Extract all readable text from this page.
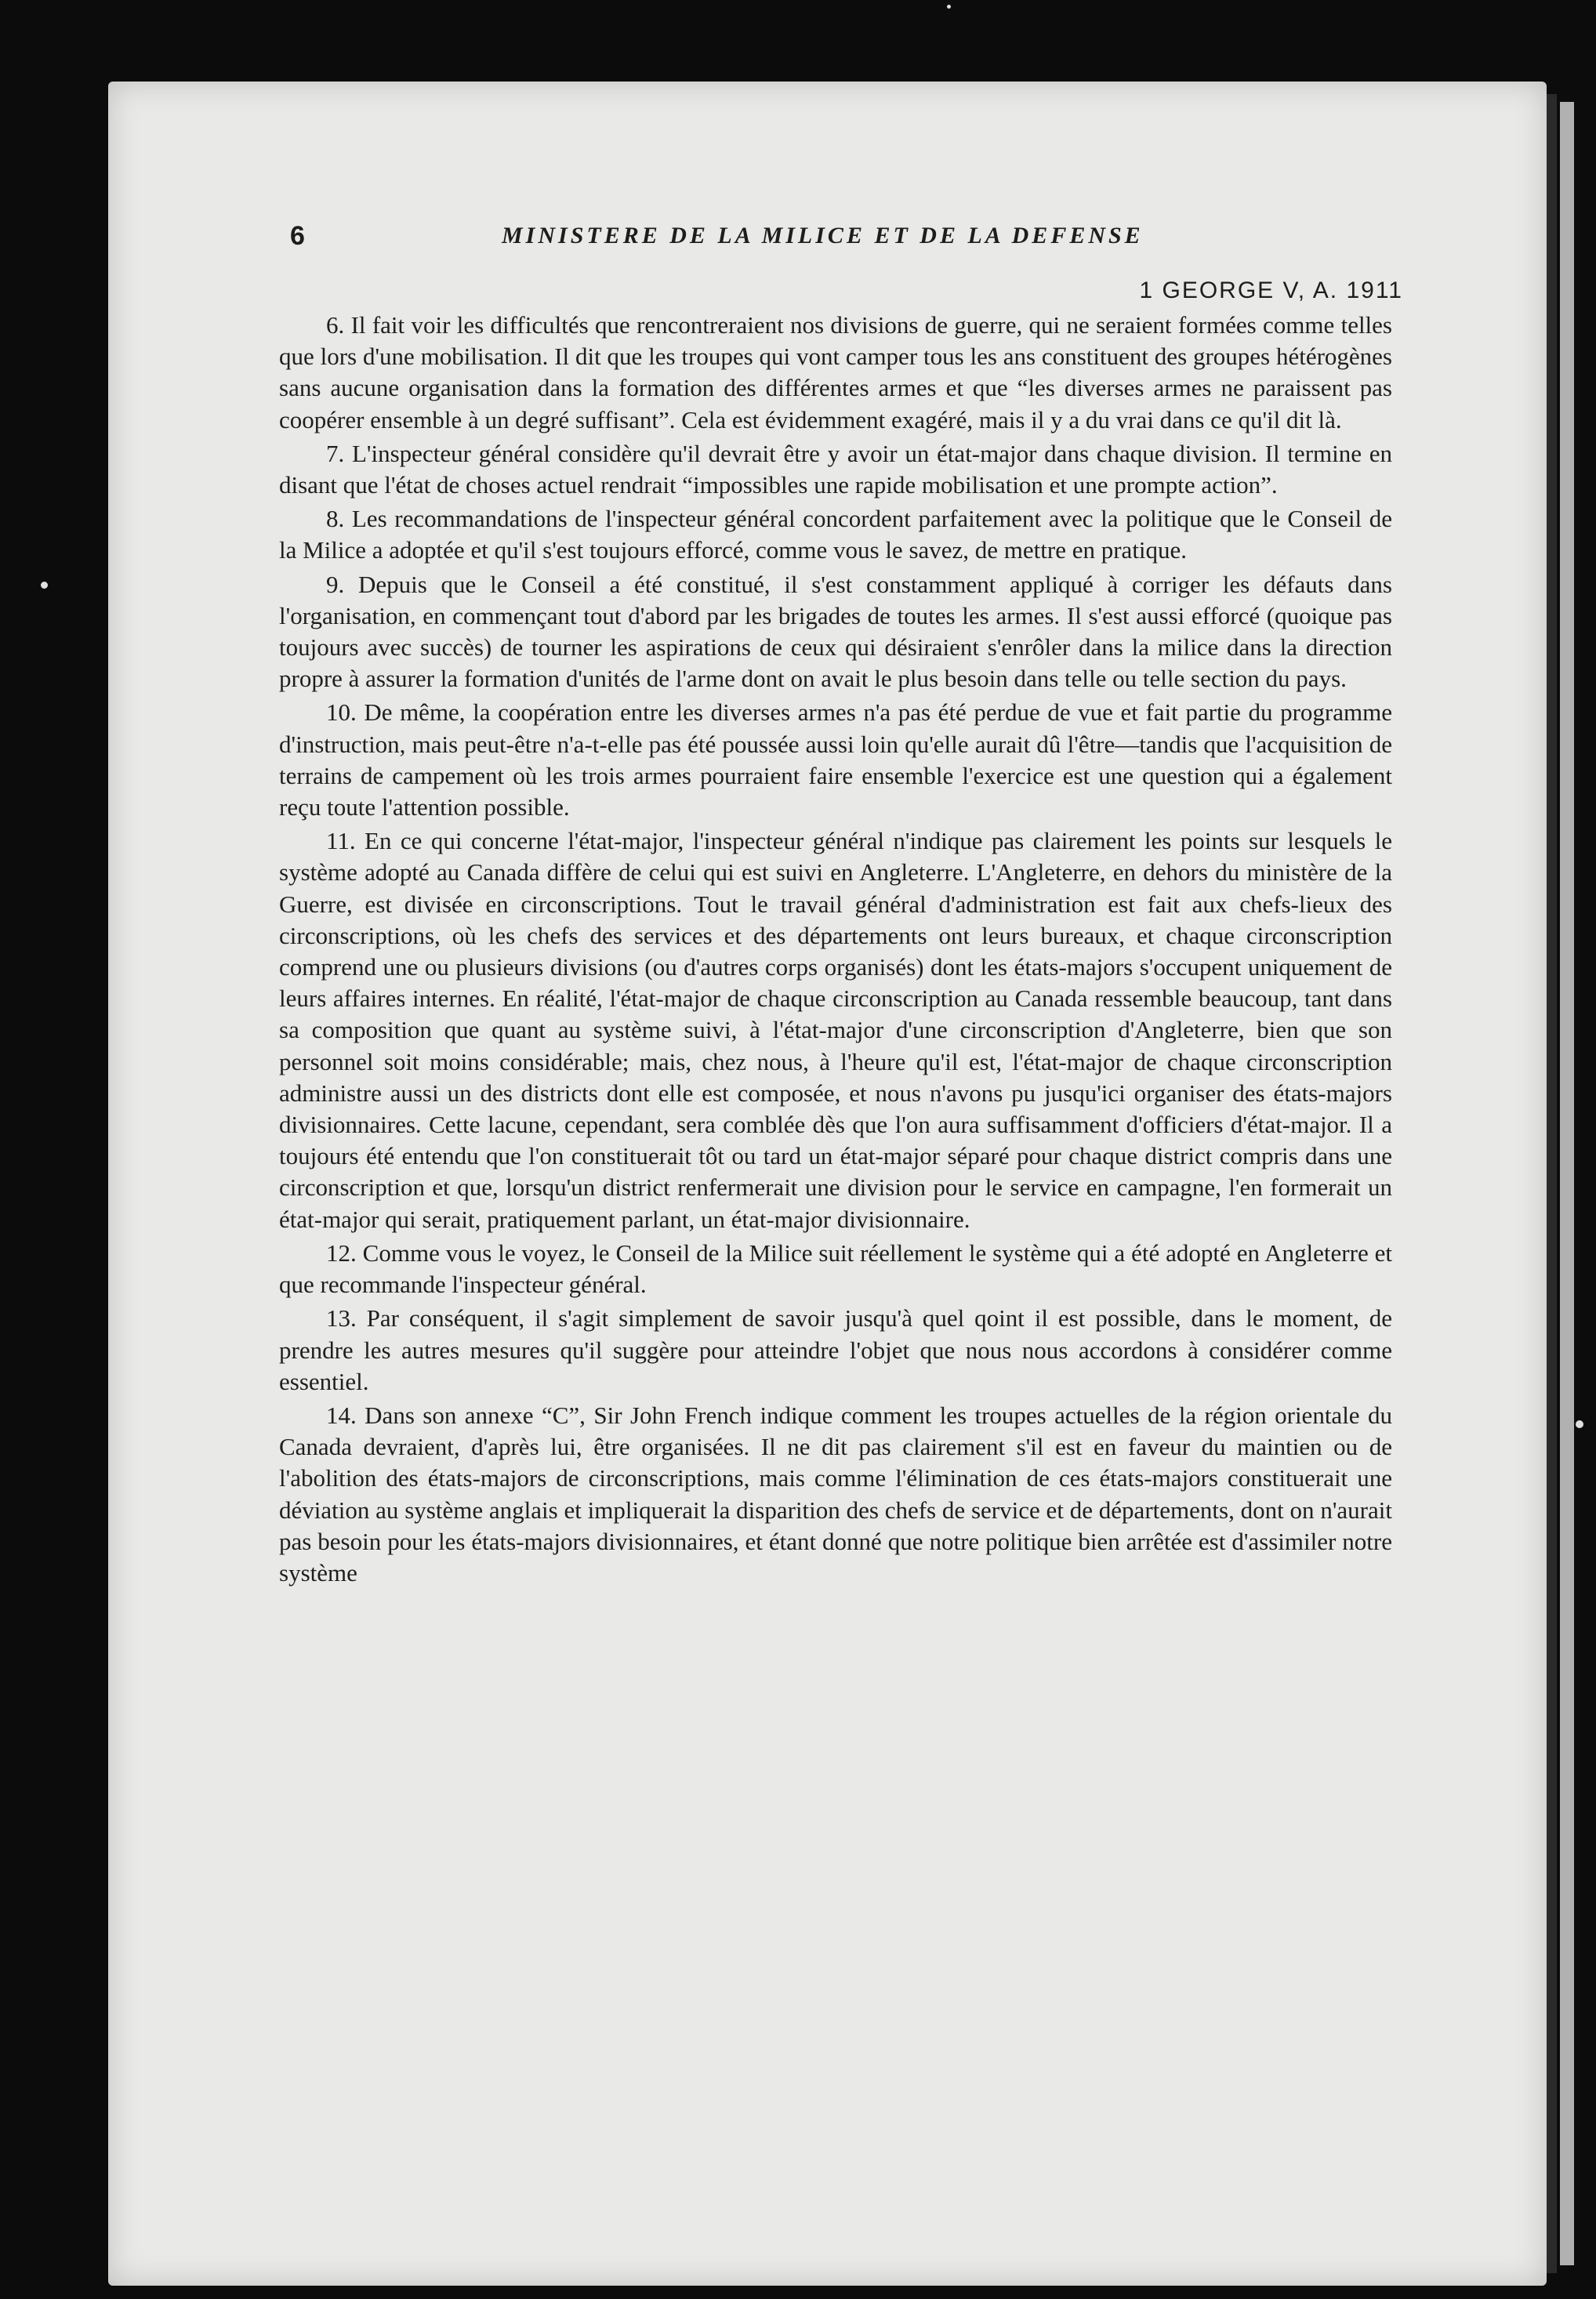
6	MINISTERE DE LA MILICE ET DE LA DEFENSE
1 GEORGE V, A. 1911

6. Il fait voir les difficultés que rencontreraient nos divisions de guerre, qui ne seraient formées comme telles que lors d'une mobilisation. Il dit que les troupes qui vont camper tous les ans constituent des groupes hétérogènes sans aucune organisation dans la formation des différentes armes et que “les diverses armes ne paraissent pas coopérer ensemble à un degré suffisant”. Cela est évidemment exagéré, mais il y a du vrai dans ce qu'il dit là.

7. L'inspecteur général considère qu'il devrait être y avoir un état-major dans chaque division. Il termine en disant que l'état de choses actuel rendrait “impossibles une rapide mobilisation et une prompte action”.

8. Les recommandations de l'inspecteur général concordent parfaitement avec la politique que le Conseil de la Milice a adoptée et qu'il s'est toujours efforcé, comme vous le savez, de mettre en pratique.

9. Depuis que le Conseil a été constitué, il s'est constamment appliqué à corriger les défauts dans l'organisation, en commençant tout d'abord par les brigades de toutes les armes. Il s'est aussi efforcé (quoique pas toujours avec succès) de tourner les aspirations de ceux qui désiraient s'enrôler dans la milice dans la direction propre à assurer la formation d'unités de l'arme dont on avait le plus besoin dans telle ou telle section du pays.

10. De même, la coopération entre les diverses armes n'a pas été perdue de vue et fait partie du programme d'instruction, mais peut-être n'a-t-elle pas été poussée aussi loin qu'elle aurait dû l'être—tandis que l'acquisition de terrains de campement où les trois armes pourraient faire ensemble l'exercice est une question qui a également reçu toute l'attention possible.

11. En ce qui concerne l'état-major, l'inspecteur général n'indique pas clairement les points sur lesquels le système adopté au Canada diffère de celui qui est suivi en Angleterre. L'Angleterre, en dehors du ministère de la Guerre, est divisée en circonscriptions. Tout le travail général d'administration est fait aux chefs-lieux des circonscriptions, où les chefs des services et des départements ont leurs bureaux, et chaque circonscription comprend une ou plusieurs divisions (ou d'autres corps organisés) dont les états-majors s'occupent uniquement de leurs affaires internes. En réalité, l'état-major de chaque circonscription au Canada ressemble beaucoup, tant dans sa composition que quant au système suivi, à l'état-major d'une circonscription d'Angleterre, bien que son personnel soit moins considérable; mais, chez nous, à l'heure qu'il est, l'état-major de chaque circonscription administre aussi un des districts dont elle est composée, et nous n'avons pu jusqu'ici organiser des états-majors divisionnaires. Cette lacune, cependant, sera comblée dès que l'on aura suffisamment d'officiers d'état-major. Il a toujours été entendu que l'on constituerait tôt ou tard un état-major séparé pour chaque district compris dans une circonscription et que, lorsqu'un district renfermerait une division pour le service en campagne, l'en formerait un état-major qui serait, pratiquement parlant, un état-major divisionnaire.

12. Comme vous le voyez, le Conseil de la Milice suit réellement le système qui a été adopté en Angleterre et que recommande l'inspecteur général.

13. Par conséquent, il s'agit simplement de savoir jusqu'à quel qoint il est possible, dans le moment, de prendre les autres mesures qu'il suggère pour atteindre l'objet que nous nous accordons à considérer comme essentiel.

14. Dans son annexe “C”, Sir John French indique comment les troupes actuelles de la région orientale du Canada devraient, d'après lui, être organisées. Il ne dit pas clairement s'il est en faveur du maintien ou de l'abolition des états-majors de circonscriptions, mais comme l'élimination de ces états-majors constituerait une déviation au système anglais et impliquerait la disparition des chefs de service et de départements, dont on n'aurait pas besoin pour les états-majors divisionnaires, et étant donné que notre politique bien arrêtée est d'assimiler notre système
